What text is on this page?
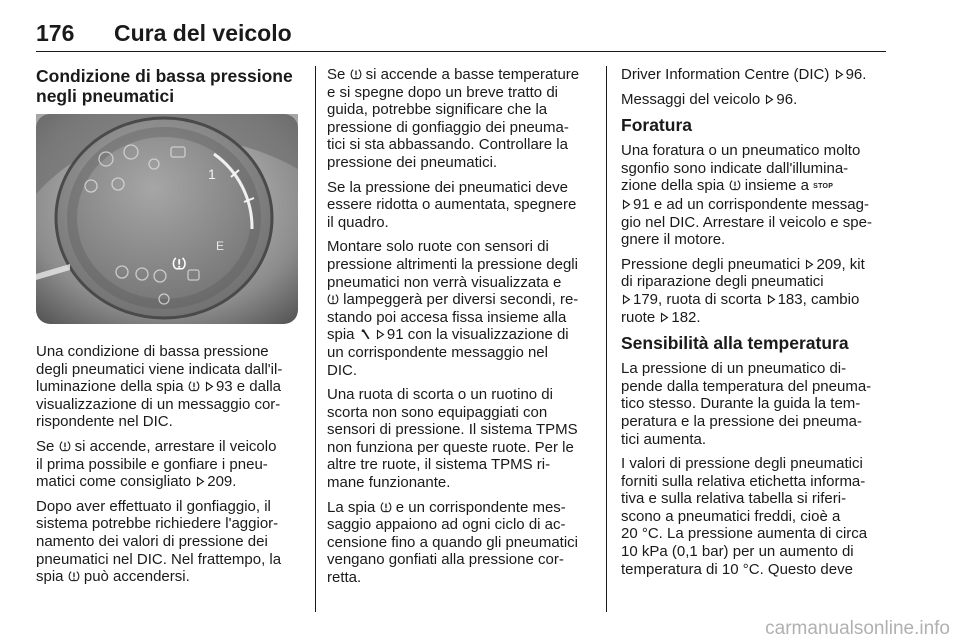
176 Cura del veicolo
Condizione di bassa pressione
negli pneumatici
1
E

Una condizione di bassa pressione
degli pneumatici viene indicata dall'il-
luminazione della spia  93 e dalla
visualizzazione di un messaggio cor-
rispondente nel DIC.

Se  si accende, arrestare il veicolo
il prima possibile e gonfiare i pneu-
matici come consigliato 209.

Dopo aver effettuato il gonfiaggio, il
sistema potrebbe richiedere l'aggior-
namento dei valori di pressione dei
pneumatici nel DIC. Nel frattempo, la

spia  può accendersi.

Se  si accende a basse temperature
e si spegne dopo un breve tratto di
guida, potrebbe significare che la
pressione di gonfiaggio dei pneuma-
tici si sta abbassando. Controllare la
pressione dei pneumatici.

Se la pressione dei pneumatici deve
essere ridotta o aumentata, spegnere
il quadro.

Montare solo ruote con sensori di
pressione altrimenti la pressione degli
pneumatici non verrà visualizzata e
lampeggerà per diversi secondi, re-
stando poi accesa fissa insieme alla
spia  91 con la visualizzazione di
un corrispondente messaggio nel
DIC.

Una ruota di scorta o un ruotino di
scorta non sono equipaggiati con
sensori di pressione. Il sistema TPMS
non funziona per queste ruote. Per le
altre tre ruote, il sistema TPMS ri-
mane funzionante.

La spia  e un corrispondente mes-
saggio appaiono ad ogni ciclo di ac-
censione fino a quando gli pneumatici
vengano gonfiati alla pressione cor-
retta.

Driver Information Centre (DIC) 96.

Messaggi del veicolo 96.

Foratura

Una foratura o un pneumatico molto
sgonfio sono indicate dall'illumina-
zione della spia  insieme a STOP
91 e ad un corrispondente messag-
gio nel DIC. Arrestare il veicolo e spe-
gnere il motore.

Pressione degli pneumatici 209, kit
di riparazione degli pneumatici
179, ruota di scorta 183, cambio
ruote 182.

Sensibilità alla temperatura

La pressione di un pneumatico di-
pende dalla temperatura del pneuma-
tico stesso. Durante la guida la tem-
peratura e la pressione dei pneuma-
tici aumenta.

I valori di pressione degli pneumatici
forniti sulla relativa etichetta informa-
tiva e sulla relativa tabella si riferi-
scono a pneumatici freddi, cioè a
20 °C. La pressione aumenta di circa
10 kPa (0,1 bar) per un aumento di
temperatura di 10 °C. Questo deve

carmanualsonline.info
